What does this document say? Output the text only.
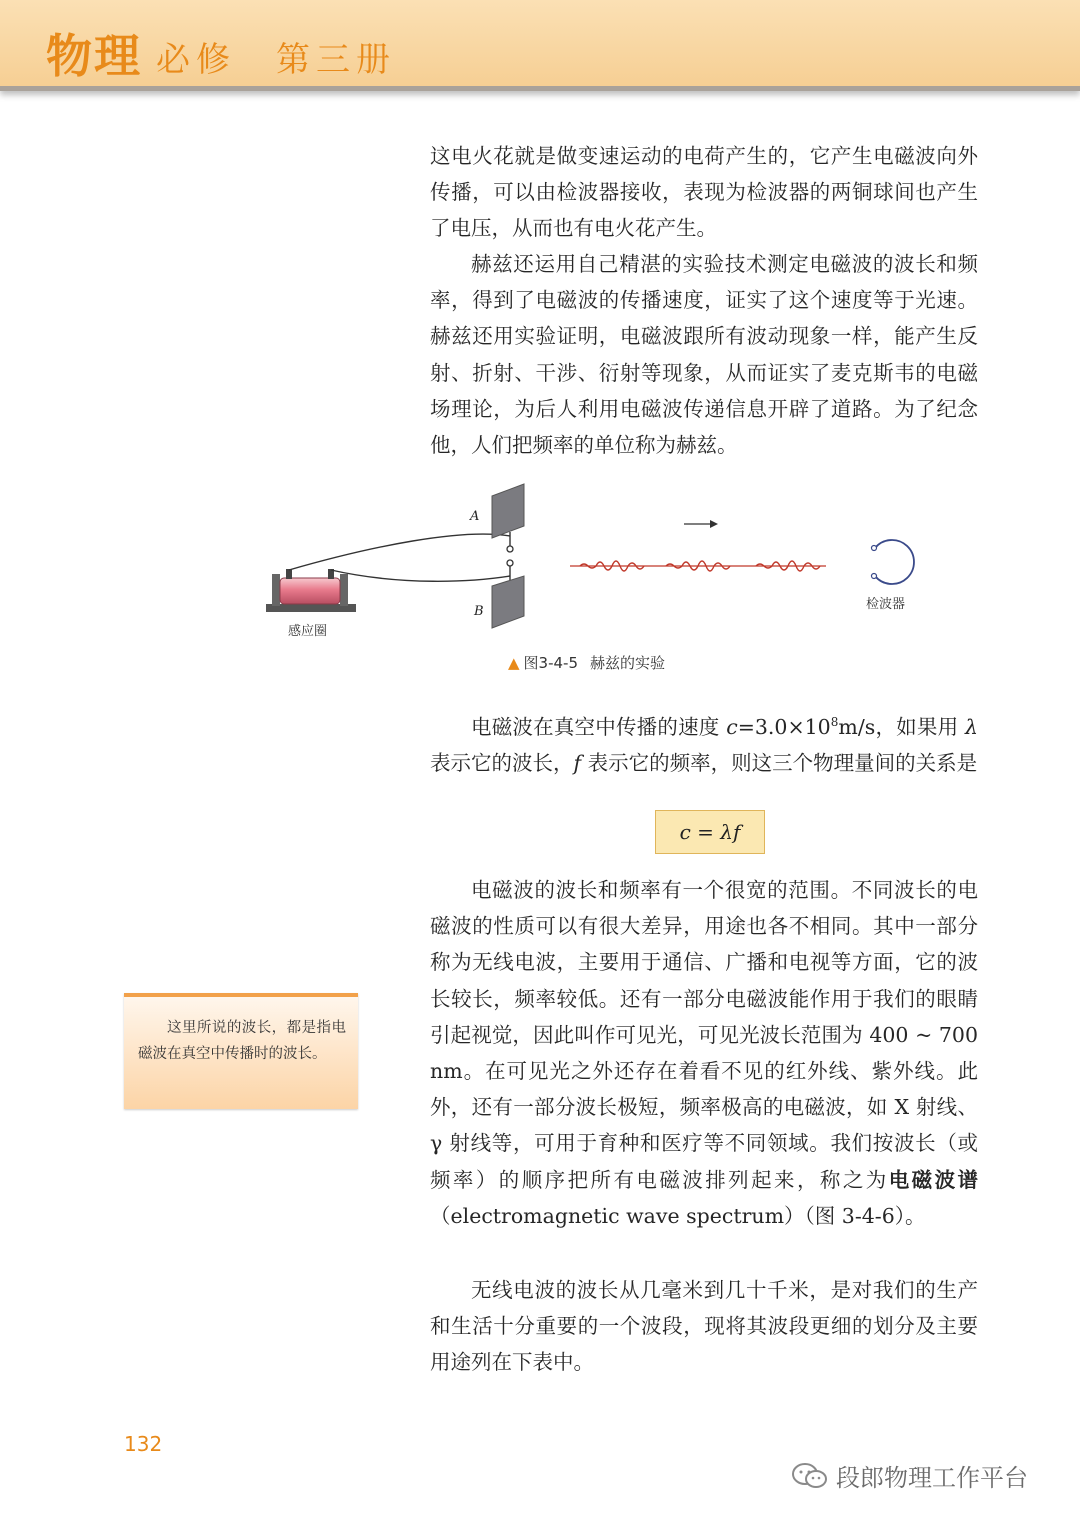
物理 必修　第三册

这电火花就是做变速运动的电荷产生的，它产生电磁波向外传播，可以由检波器接收，表现为检波器的两铜球间也产生了电压，从而也有电火花产生。

赫兹还运用自己精湛的实验技术测定电磁波的波长和频率，得到了电磁波的传播速度，证实了这个速度等于光速。赫兹还用实验证明，电磁波跟所有波动现象一样，能产生反射、折射、干涉、衍射等现象，从而证实了麦克斯韦的电磁场理论，为后人利用电磁波传递信息开辟了道路。为了纪念他，人们把频率的单位称为赫兹。

A
B
感应圈
检波器
▲ 图3-4-5 赫兹的实验

电磁波在真空中传播的速度 $c=3.0\times 10^8m/s$，如果用 λ 表示它的波长，f 表示它的频率，则这三个物理量间的关系是

c = λf

电磁波的波长和频率有一个很宽的范围。不同波长的电磁波的性质可以有很大差异，用途也各不相同。其中一部分称为无线电波，主要用于通信、广播和电视等方面，它的波长较长，频率较低。还有一部分电磁波能作用于我们的眼睛引起视觉，因此叫作可见光，可见光波长范围为 400 ~ 700 nm。在可见光之外还存在着看不见的红外线、紫外线。此外，还有一部分波长极短，频率极高的电磁波，如 X 射线、γ 射线等，可用于育种和医疗等不同领域。我们按波长（或频率）的顺序把所有电磁波排列起来，称之为电磁波谱（electromagnetic wave spectrum）（图 3-4-6）。

无线电波的波长从几毫米到几十千米，是对我们的生产和生活十分重要的一个波段，现将其波段更细的划分及主要用途列在下表中。

这里所说的波长，都是指电磁波在真空中传播时的波长。

132
段郎物理工作平台
